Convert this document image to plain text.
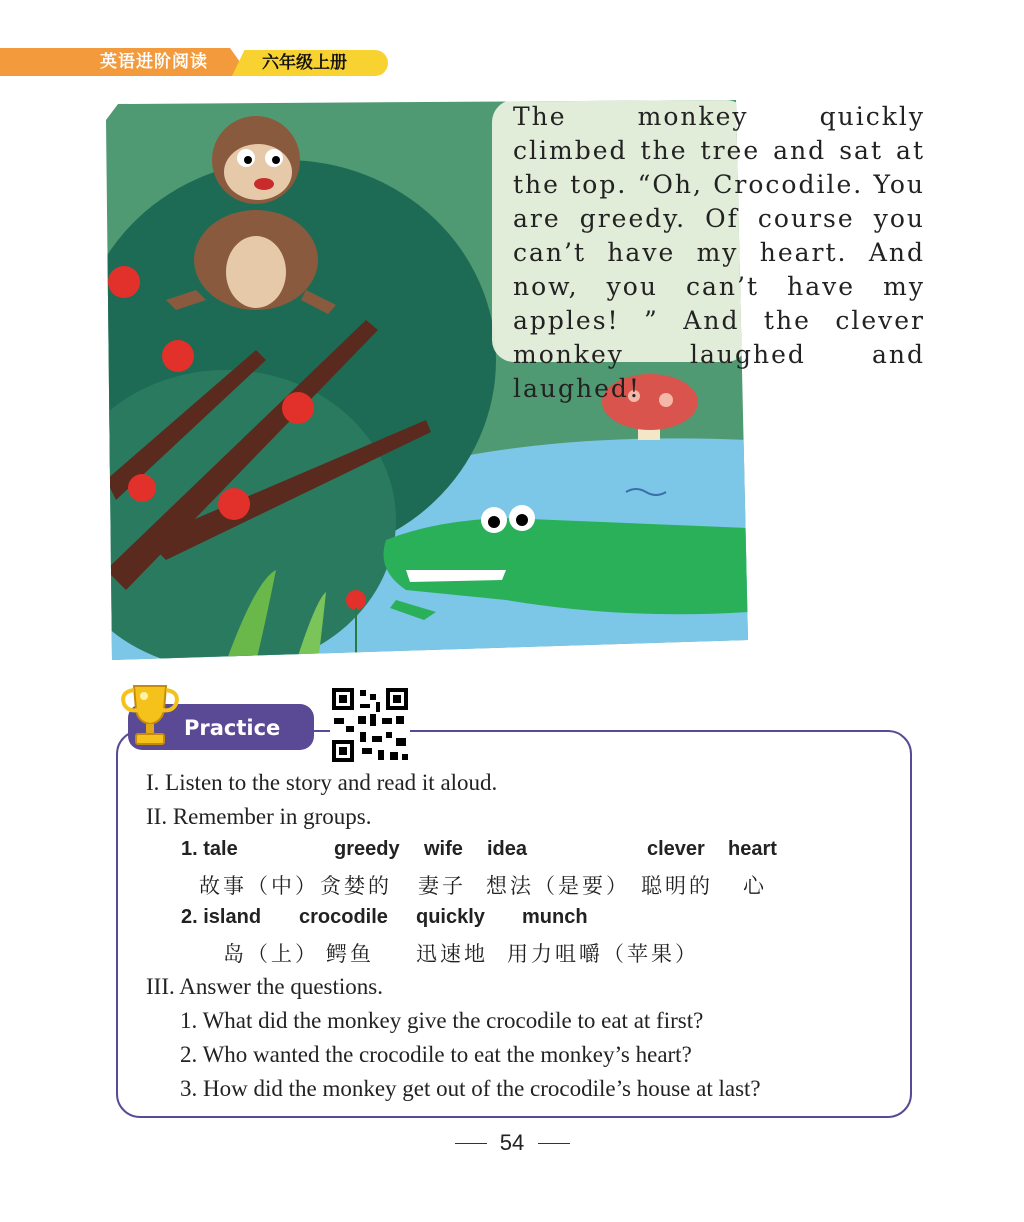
英语进阶阅读	六年级上册

The monkey quickly climbed the tree and sat at the top. “Oh, Crocodile. You are greedy. Of course you can’t have my heart. And now, you can’t have my apples! ” And the clever monkey laughed and laughed!

Practice

I. Listen to the story and read it aloud.

II. Remember in groups.

1. tale	greedy wife idea	clever heart
故事（中） 贪婪的 妻子 想法（是要） 聪明的 心
2. island crocodile quickly munch
岛（上） 鳄鱼 迅速地 用力咀嚼（苹果）

III. Answer the questions.

1. What did the monkey give the crocodile to eat at first?

2. Who wanted the crocodile to eat the monkey’s heart?

3. How did the monkey get out of the crocodile’s house at last?

54
